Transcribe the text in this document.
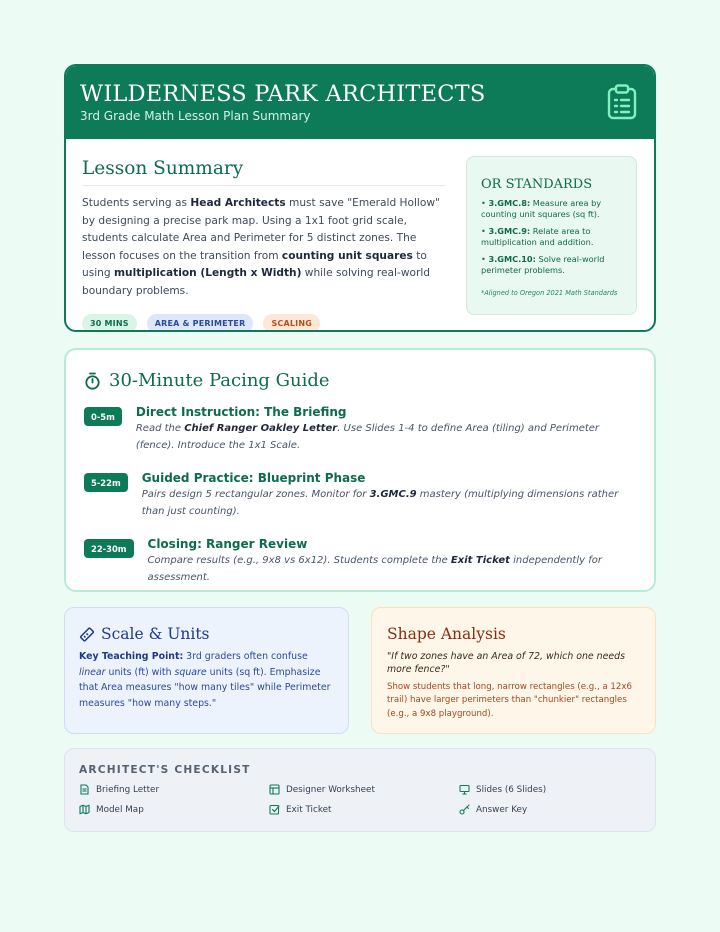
WILDERNESS PARK ARCHITECTS
3rd Grade Math Lesson Plan Summary
Lesson Summary

Students serving as Head Architects must save "Emerald Hollow" by designing a precise park map. Using a 1x1 foot grid scale, students calculate Area and Perimeter for 5 distinct zones. The lesson focuses on the transition from counting unit squares to using multiplication (Length x Width) while solving real-world boundary problems.

30 MINS	AREA & PERIMETER	SCALING
OR STANDARDS
• 3.GMC.8: Measure area by counting unit squares (sq ft).
• 3.GMC.9: Relate area to multiplication and addition.
• 3.GMC.10: Solve real-world perimeter problems.
*Aligned to Oregon 2021 Math Standards
30-Minute Pacing Guide
0-5m	Direct Instruction: The Briefing
Read the Chief Ranger Oakley Letter. Use Slides 1-4 to define Area (tiling) and Perimeter (fence). Introduce the 1x1 Scale.
5-22m	Guided Practice: Blueprint Phase
Pairs design 5 rectangular zones. Monitor for 3.GMC.9 mastery (multiplying dimensions rather than just counting).
22-30m	Closing: Ranger Review
Compare results (e.g., 9x8 vs 6x12). Students complete the Exit Ticket independently for assessment.
Scale & Units

Key Teaching Point: 3rd graders often confuse linear units (ft) with square units (sq ft). Emphasize that Area measures "how many tiles" while Perimeter measures "how many steps."

Shape Analysis

"If two zones have an Area of 72, which one needs more fence?"

Show students that long, narrow rectangles (e.g., a 12x6 trail) have larger perimeters than "chunkier" rectangles (e.g., a 9x8 playground).

ARCHITECT'S CHECKLIST
Briefing Letter	Designer Worksheet	Slides (6 Slides)
Model Map	Exit Ticket	Answer Key
